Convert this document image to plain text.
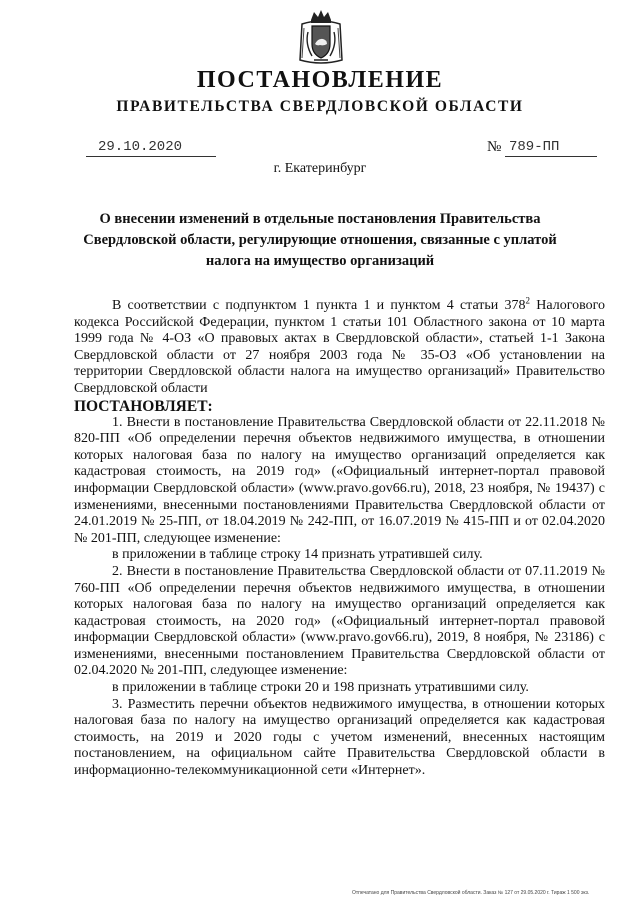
ПОСТАНОВЛЕНИЕ
ПРАВИТЕЛЬСТВА СВЕРДЛОВСКОЙ ОБЛАСТИ
29.10.2020	№ 789-ПП
г. Екатеринбург
О внесении изменений в отдельные постановления Правительства Свердловской области, регулирующие отношения, связанные с уплатой налога на имущество организаций

В соответствии с подпунктом 1 пункта 1 и пунктом 4 статьи $378^2$ Налогового кодекса Российской Федерации, пунктом 1 статьи 101 Областного закона от 10 марта 1999 года № 4-ОЗ «О правовых актах в Свердловской области», статьей 1-1 Закона Свердловской области от 27 ноября 2003 года № 35-ОЗ «Об установлении на территории Свердловской области налога на имущество организаций» Правительство Свердловской области

ПОСТАНОВЛЯЕТ:

1. Внести в постановление Правительства Свердловской области от 22.11.2018 № 820-ПП «Об определении перечня объектов недвижимого имущества, в отношении которых налоговая база по налогу на имущество организаций определяется как кадастровая стоимость, на 2019 год» («Официальный интернет-портал правовой информации Свердловской области» (www.pravo.gov66.ru), 2018, 23 ноября, № 19437) с изменениями, внесенными постановлениями Правительства Свердловской области от 24.01.2019 № 25-ПП, от 18.04.2019 № 242-ПП, от 16.07.2019 № 415-ПП и от 02.04.2020 № 201-ПП, следующее изменение:

в приложении в таблице строку 14 признать утратившей силу.

2. Внести в постановление Правительства Свердловской области от 07.11.2019 № 760-ПП «Об определении перечня объектов недвижимого имущества, в отношении которых налоговая база по налогу на имущество организаций определяется как кадастровая стоимость, на 2020 год» («Официальный интернет-портал правовой информации Свердловской области» (www.pravo.gov66.ru), 2019, 8 ноября, № 23186) с изменениями, внесенными постановлением Правительства Свердловской области от 02.04.2020 № 201-ПП, следующее изменение:

в приложении в таблице строки 20 и 198 признать утратившими силу.

3. Разместить перечни объектов недвижимого имущества, в отношении которых налоговая база по налогу на имущество организаций определяется как кадастровая стоимость, на 2019 и 2020 годы с учетом изменений, внесенных настоящим постановлением, на официальном сайте Правительства Свердловской области в информационно-телекоммуникационной сети «Интернет».

Отпечатано для Правительства Свердловской области. Заказ № 127 от 29.05.2020 г. Тираж 1 500 экз.
